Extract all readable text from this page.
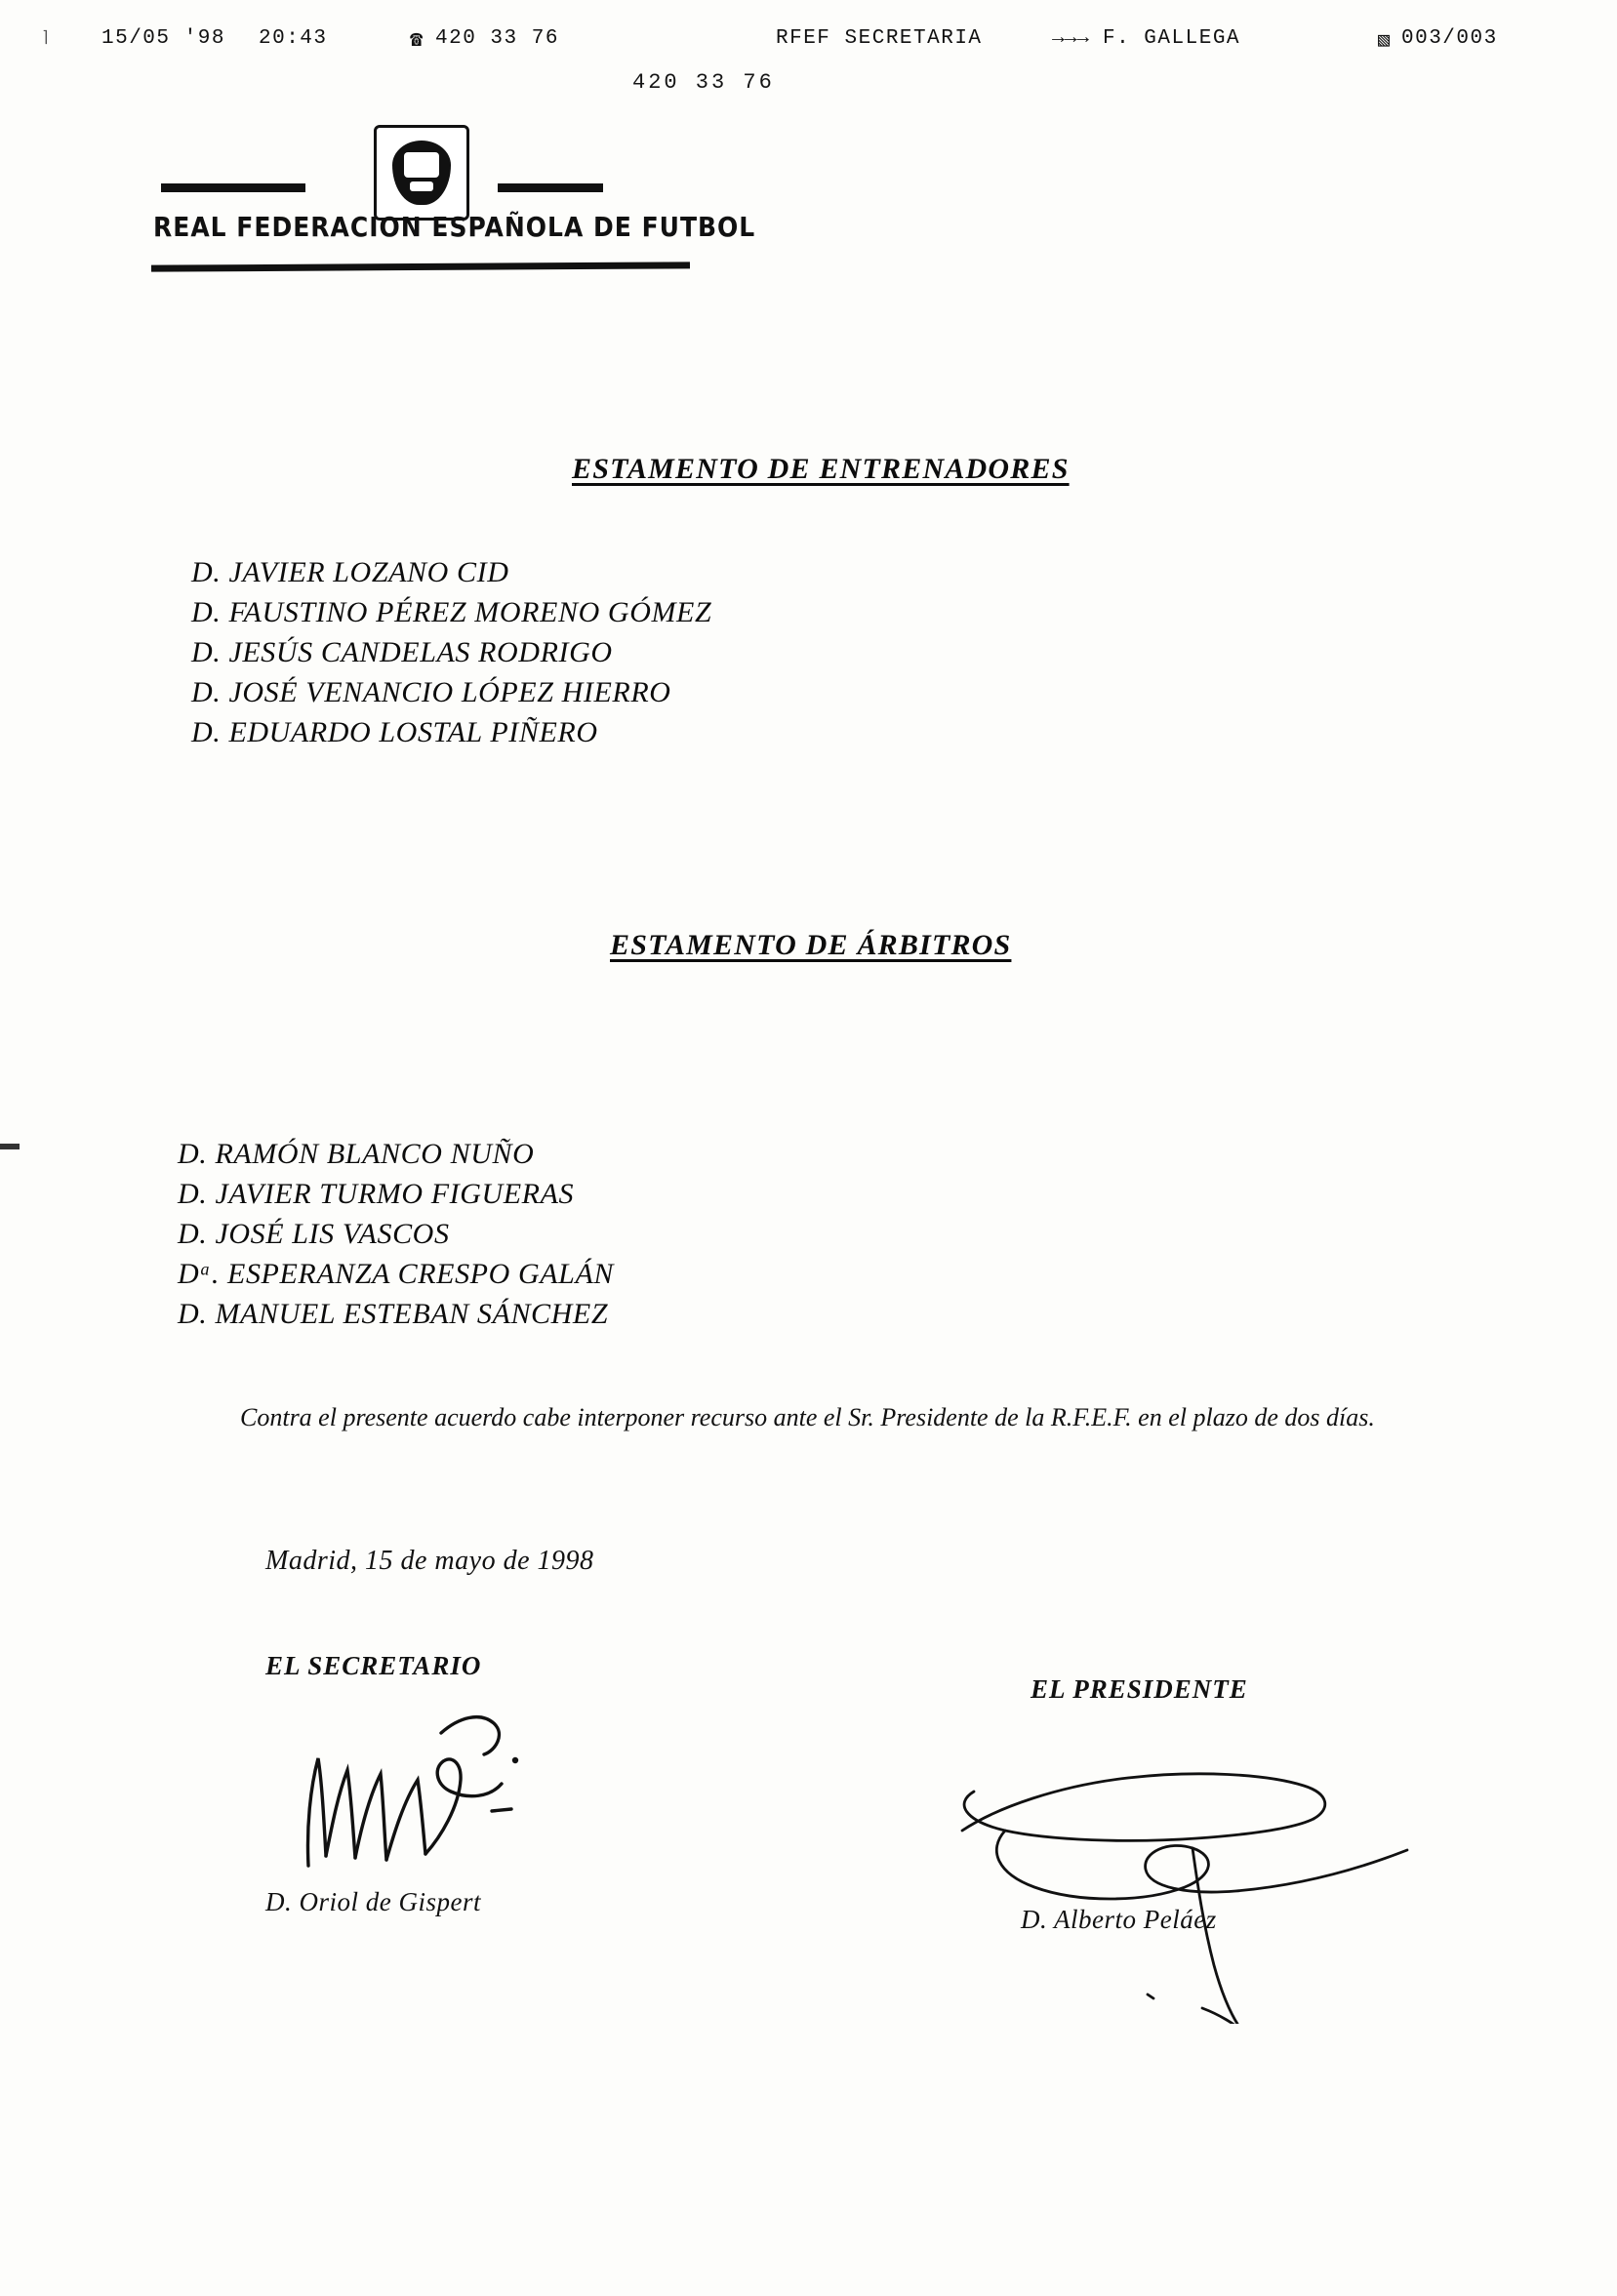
⌉ 15/05 '98 20:43	☎ 420 33 76	RFEF SECRETARIA	→→→ F. GALLEGA	▧ 003/003
420 33 76
REAL FEDERACION ESPAÑOLA DE FUTBOL
ESTAMENTO DE ENTRENADORES
D. JAVIER LOZANO CID
D. FAUSTINO PÉREZ MORENO GÓMEZ
D. JESÚS CANDELAS RODRIGO
D. JOSÉ VENANCIO LÓPEZ HIERRO
D. EDUARDO LOSTAL PIÑERO
ESTAMENTO DE ÁRBITROS
D. RAMÓN BLANCO NUÑO
D. JAVIER TURMO FIGUERAS
D. JOSÉ LIS VASCOS
Dᵃ. ESPERANZA CRESPO GALÁN
D. MANUEL ESTEBAN SÁNCHEZ
Contra el presente acuerdo cabe interponer recurso ante el Sr. Presidente de la R.F.E.F. en el plazo de dos días.
Madrid, 15 de mayo de 1998
EL SECRETARIO
D. Oriol de Gispert
EL PRESIDENTE
D. Alberto Peláez
